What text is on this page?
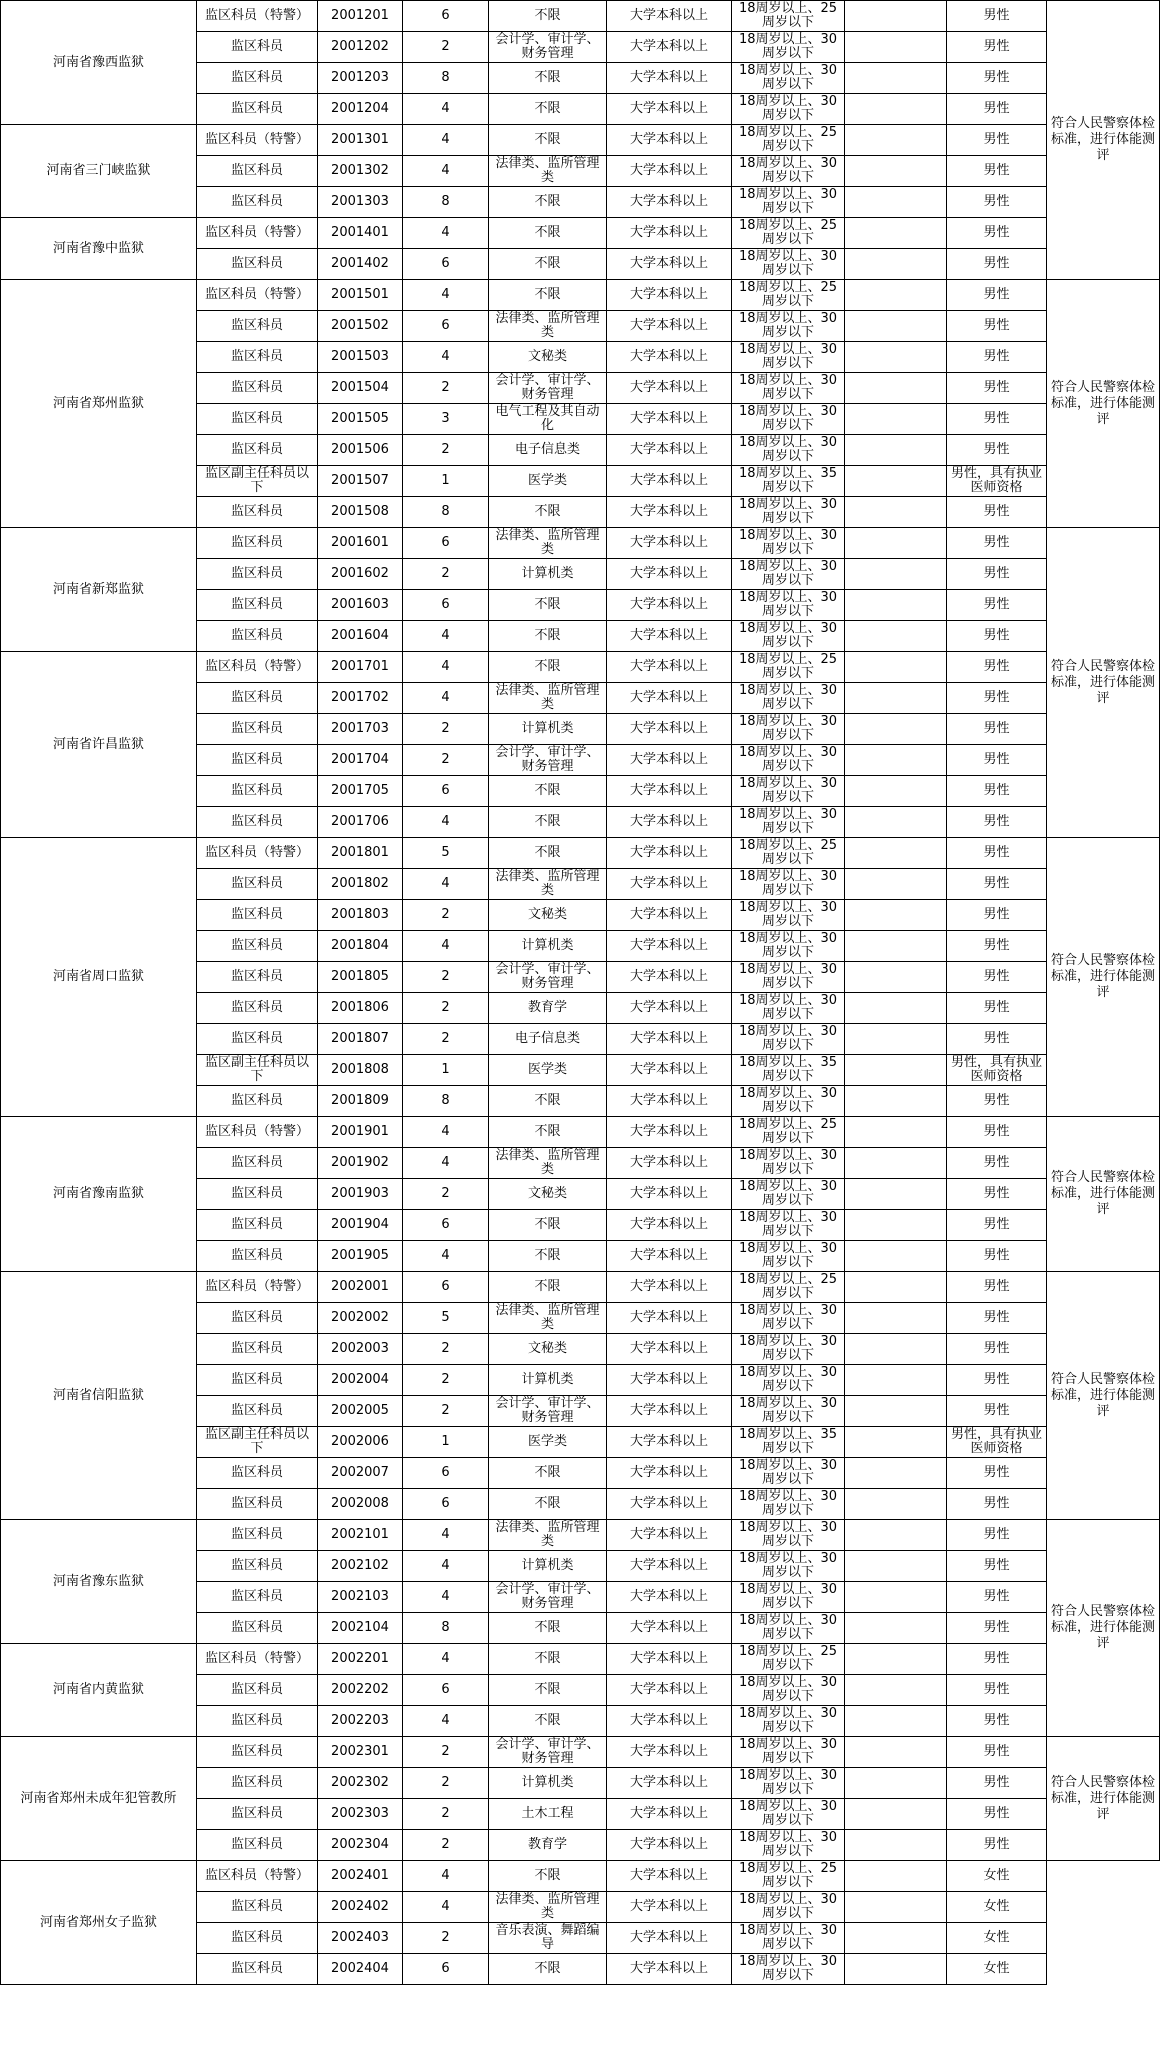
河南省豫西监狱	监区科员（特警）	2001201	6	不限	大学本科以上	18周岁以上、25周岁以下		男性	符合人民警察体检标准，进行体能测评
	监区科员	2001202	2	会计学、审计学、财务管理	大学本科以上	18周岁以上、30周岁以下		男性	
	监区科员	2001203	8	不限	大学本科以上	18周岁以上、30周岁以下		男性	
	监区科员	2001204	4	不限	大学本科以上	18周岁以上、30周岁以下		男性	
河南省三门峡监狱	监区科员（特警）	2001301	4	不限	大学本科以上	18周岁以上、25周岁以下		男性	
	监区科员	2001302	4	法律类、监所管理类	大学本科以上	18周岁以上、30周岁以下		男性	
	监区科员	2001303	8	不限	大学本科以上	18周岁以上、30周岁以下		男性	
河南省豫中监狱	监区科员（特警）	2001401	4	不限	大学本科以上	18周岁以上、25周岁以下		男性	
	监区科员	2001402	6	不限	大学本科以上	18周岁以上、30周岁以下		男性	
河南省郑州监狱	监区科员（特警）	2001501	4	不限	大学本科以上	18周岁以上、25周岁以下		男性	符合人民警察体检标准，进行体能测评
	监区科员	2001502	6	法律类、监所管理类	大学本科以上	18周岁以上、30周岁以下		男性	
	监区科员	2001503	4	文秘类	大学本科以上	18周岁以上、30周岁以下		男性	
	监区科员	2001504	2	会计学、审计学、财务管理	大学本科以上	18周岁以上、30周岁以下		男性	
	监区科员	2001505	3	电气工程及其自动化	大学本科以上	18周岁以上、30周岁以下		男性	
	监区科员	2001506	2	电子信息类	大学本科以上	18周岁以上、30周岁以下		男性	
	监区副主任科员以下	2001507	1	医学类	大学本科以上	18周岁以上、35周岁以下		男性，具有执业医师资格	
	监区科员	2001508	8	不限	大学本科以上	18周岁以上、30周岁以下		男性	
河南省新郑监狱	监区科员	2001601	6	法律类、监所管理类	大学本科以上	18周岁以上、30周岁以下		男性	符合人民警察体检标准，进行体能测评
	监区科员	2001602	2	计算机类	大学本科以上	18周岁以上、30周岁以下		男性	
	监区科员	2001603	6	不限	大学本科以上	18周岁以上、30周岁以下		男性	
	监区科员	2001604	4	不限	大学本科以上	18周岁以上、30周岁以下		男性	
河南省许昌监狱	监区科员（特警）	2001701	4	不限	大学本科以上	18周岁以上、25周岁以下		男性	
	监区科员	2001702	4	法律类、监所管理类	大学本科以上	18周岁以上、30周岁以下		男性	
	监区科员	2001703	2	计算机类	大学本科以上	18周岁以上、30周岁以下		男性	
	监区科员	2001704	2	会计学、审计学、财务管理	大学本科以上	18周岁以上、30周岁以下		男性	
	监区科员	2001705	6	不限	大学本科以上	18周岁以上、30周岁以下		男性	
	监区科员	2001706	4	不限	大学本科以上	18周岁以上、30周岁以下		男性	
河南省周口监狱	监区科员（特警）	2001801	5	不限	大学本科以上	18周岁以上、25周岁以下		男性	符合人民警察体检标准，进行体能测评
	监区科员	2001802	4	法律类、监所管理类	大学本科以上	18周岁以上、30周岁以下		男性	
	监区科员	2001803	2	文秘类	大学本科以上	18周岁以上、30周岁以下		男性	
	监区科员	2001804	4	计算机类	大学本科以上	18周岁以上、30周岁以下		男性	
	监区科员	2001805	2	会计学、审计学、财务管理	大学本科以上	18周岁以上、30周岁以下		男性	
	监区科员	2001806	2	教育学	大学本科以上	18周岁以上、30周岁以下		男性	
	监区科员	2001807	2	电子信息类	大学本科以上	18周岁以上、30周岁以下		男性	
	监区副主任科员以下	2001808	1	医学类	大学本科以上	18周岁以上、35周岁以下		男性，具有执业医师资格	
	监区科员	2001809	8	不限	大学本科以上	18周岁以上、30周岁以下		男性	
河南省豫南监狱	监区科员（特警）	2001901	4	不限	大学本科以上	18周岁以上、25周岁以下		男性	符合人民警察体检标准，进行体能测评
	监区科员	2001902	4	法律类、监所管理类	大学本科以上	18周岁以上、30周岁以下		男性	
	监区科员	2001903	2	文秘类	大学本科以上	18周岁以上、30周岁以下		男性	
	监区科员	2001904	6	不限	大学本科以上	18周岁以上、30周岁以下		男性	
	监区科员	2001905	4	不限	大学本科以上	18周岁以上、30周岁以下		男性	
河南省信阳监狱	监区科员（特警）	2002001	6	不限	大学本科以上	18周岁以上、25周岁以下		男性	符合人民警察体检标准，进行体能测评
	监区科员	2002002	5	法律类、监所管理类	大学本科以上	18周岁以上、30周岁以下		男性	
	监区科员	2002003	2	文秘类	大学本科以上	18周岁以上、30周岁以下		男性	
	监区科员	2002004	2	计算机类	大学本科以上	18周岁以上、30周岁以下		男性	
	监区科员	2002005	2	会计学、审计学、财务管理	大学本科以上	18周岁以上、30周岁以下		男性	
	监区副主任科员以下	2002006	1	医学类	大学本科以上	18周岁以上、35周岁以下		男性，具有执业医师资格	
	监区科员	2002007	6	不限	大学本科以上	18周岁以上、30周岁以下		男性	
	监区科员	2002008	6	不限	大学本科以上	18周岁以上、30周岁以下		男性	
河南省豫东监狱	监区科员	2002101	4	法律类、监所管理类	大学本科以上	18周岁以上、30周岁以下		男性	符合人民警察体检标准，进行体能测评
	监区科员	2002102	4	计算机类	大学本科以上	18周岁以上、30周岁以下		男性	
	监区科员	2002103	4	会计学、审计学、财务管理	大学本科以上	18周岁以上、30周岁以下		男性	
	监区科员	2002104	8	不限	大学本科以上	18周岁以上、30周岁以下		男性	
河南省内黄监狱	监区科员（特警）	2002201	4	不限	大学本科以上	18周岁以上、25周岁以下		男性	
	监区科员	2002202	6	不限	大学本科以上	18周岁以上、30周岁以下		男性	
	监区科员	2002203	4	不限	大学本科以上	18周岁以上、30周岁以下		男性	
河南省郑州未成年犯管教所	监区科员	2002301	2	会计学、审计学、财务管理	大学本科以上	18周岁以上、30周岁以下		男性	符合人民警察体检标准，进行体能测评
	监区科员	2002302	2	计算机类	大学本科以上	18周岁以上、30周岁以下		男性	
	监区科员	2002303	2	土木工程	大学本科以上	18周岁以上、30周岁以下		男性	
	监区科员	2002304	2	教育学	大学本科以上	18周岁以上、30周岁以下		男性	
河南省郑州女子监狱	监区科员（特警）	2002401	4	不限	大学本科以上	18周岁以上、25周岁以下		女性	
	监区科员	2002402	4	法律类、监所管理类	大学本科以上	18周岁以上、30周岁以下		女性	
	监区科员	2002403	2	音乐表演、舞蹈编导	大学本科以上	18周岁以上、30周岁以下		女性	
	监区科员	2002404	6	不限	大学本科以上	18周岁以上、30周岁以下		女性	
